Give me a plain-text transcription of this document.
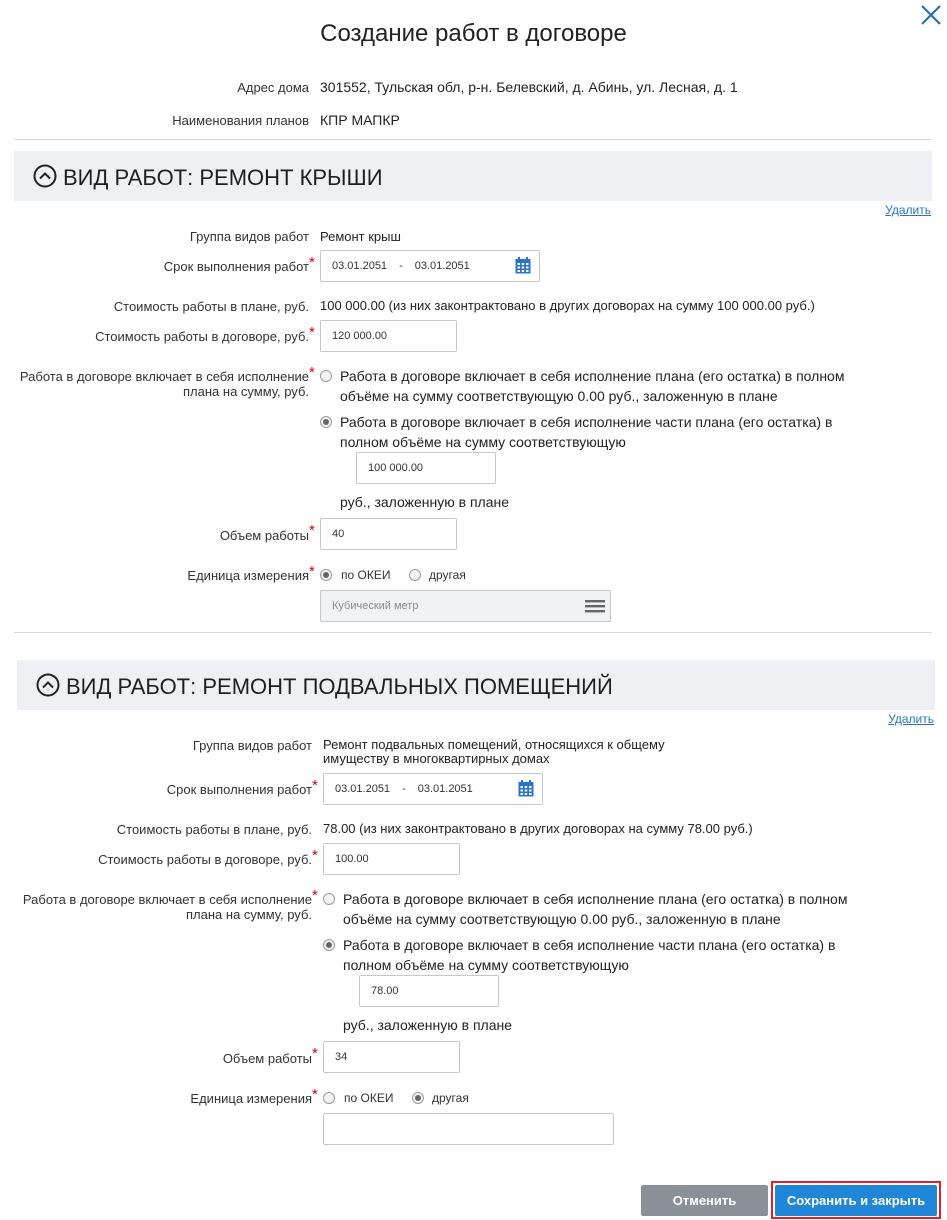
Создание работ в договоре
Адрес дома 301552, Тульская обл, р-н. Белевский, д. Абинь, ул. Лесная, д. 1
Наименования планов КПР МАПКР
ВИД РАБОТ: РЕМОНТ КРЫШИ
Удалить
Группа видов работ Ремонт крыш
Срок выполнения работ * 03.01.2051 - 03.01.2051
Стоимость работы в плане, руб. 100 000.00 (из них законтрактовано в других договорах на сумму 100 000.00 руб.)
Стоимость работы в договоре, руб. *	120 000.00
Работа в договоре включает в себя исполнение
плана на сумму, руб.
* Работа в договоре включает в себя исполнение плана (его остатка) в полном
объёме на сумму соответствующую 0.00 руб., заложенную в плане
Работа в договоре включает в себя исполнение части плана (его остатка) в
полном объёме на сумму соответствующую
100 000.00
руб., заложенную в плане
Объем работы *	40
Единица измерения * по ОКЕИ	другая
Кубический метр
ВИД РАБОТ: РЕМОНТ ПОДВАЛЬНЫХ ПОМЕЩЕНИЙ
Удалить
Группа видов работ Ремонт подвальных помещений, относящихся к общему
имуществу в многоквартирных домах
Срок выполнения работ * 03.01.2051 - 03.01.2051
Стоимость работы в плане, руб. 78.00 (из них законтрактовано в других договорах на сумму 78.00 руб.)
Стоимость работы в договоре, руб. *	100.00
Работа в договоре включает в себя исполнение
плана на сумму, руб.
* Работа в договоре включает в себя исполнение плана (его остатка) в полном
объёме на сумму соответствующую 0.00 руб., заложенную в плане
Работа в договоре включает в себя исполнение части плана (его остатка) в
полном объёме на сумму соответствующую
78.00
руб., заложенную в плане
Объем работы *	34
Единица измерения * по ОКЕИ	другая
Отменить	Сохранить и закрыть
